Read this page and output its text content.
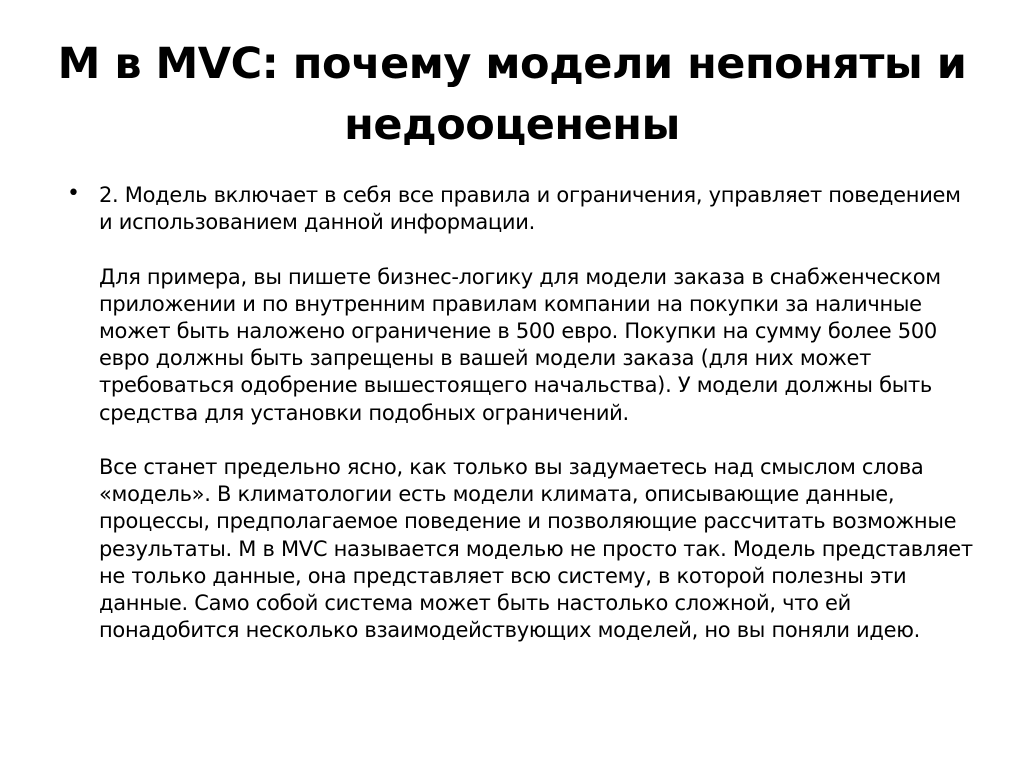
М в MVC: почему модели непоняты и недооценены
• 2. Модель включает в себя все правила и ограничения, управляет поведением и использованием данной информации.

Для примера, вы пишете бизнес-логику для модели заказа в снабженческом приложении и по внутренним правилам компании на покупки за наличные может быть наложено ограничение в 500 евро. Покупки на сумму более 500 евро должны быть запрещены в вашей модели заказа (для них может требоваться одобрение вышестоящего начальства). У модели должны быть средства для установки подобных ограничений.

Все станет предельно ясно, как только вы задумаетесь над смыслом слова «модель». В климатологии есть модели климата, описывающие данные, процессы, предполагаемое поведение и позволяющие рассчитать возможные результаты. М в MVC называется моделью не просто так. Модель представляет не только данные, она представляет всю систему, в которой полезны эти данные. Само собой система может быть настолько сложной, что ей понадобится несколько взаимодействующих моделей, но вы поняли идею.
